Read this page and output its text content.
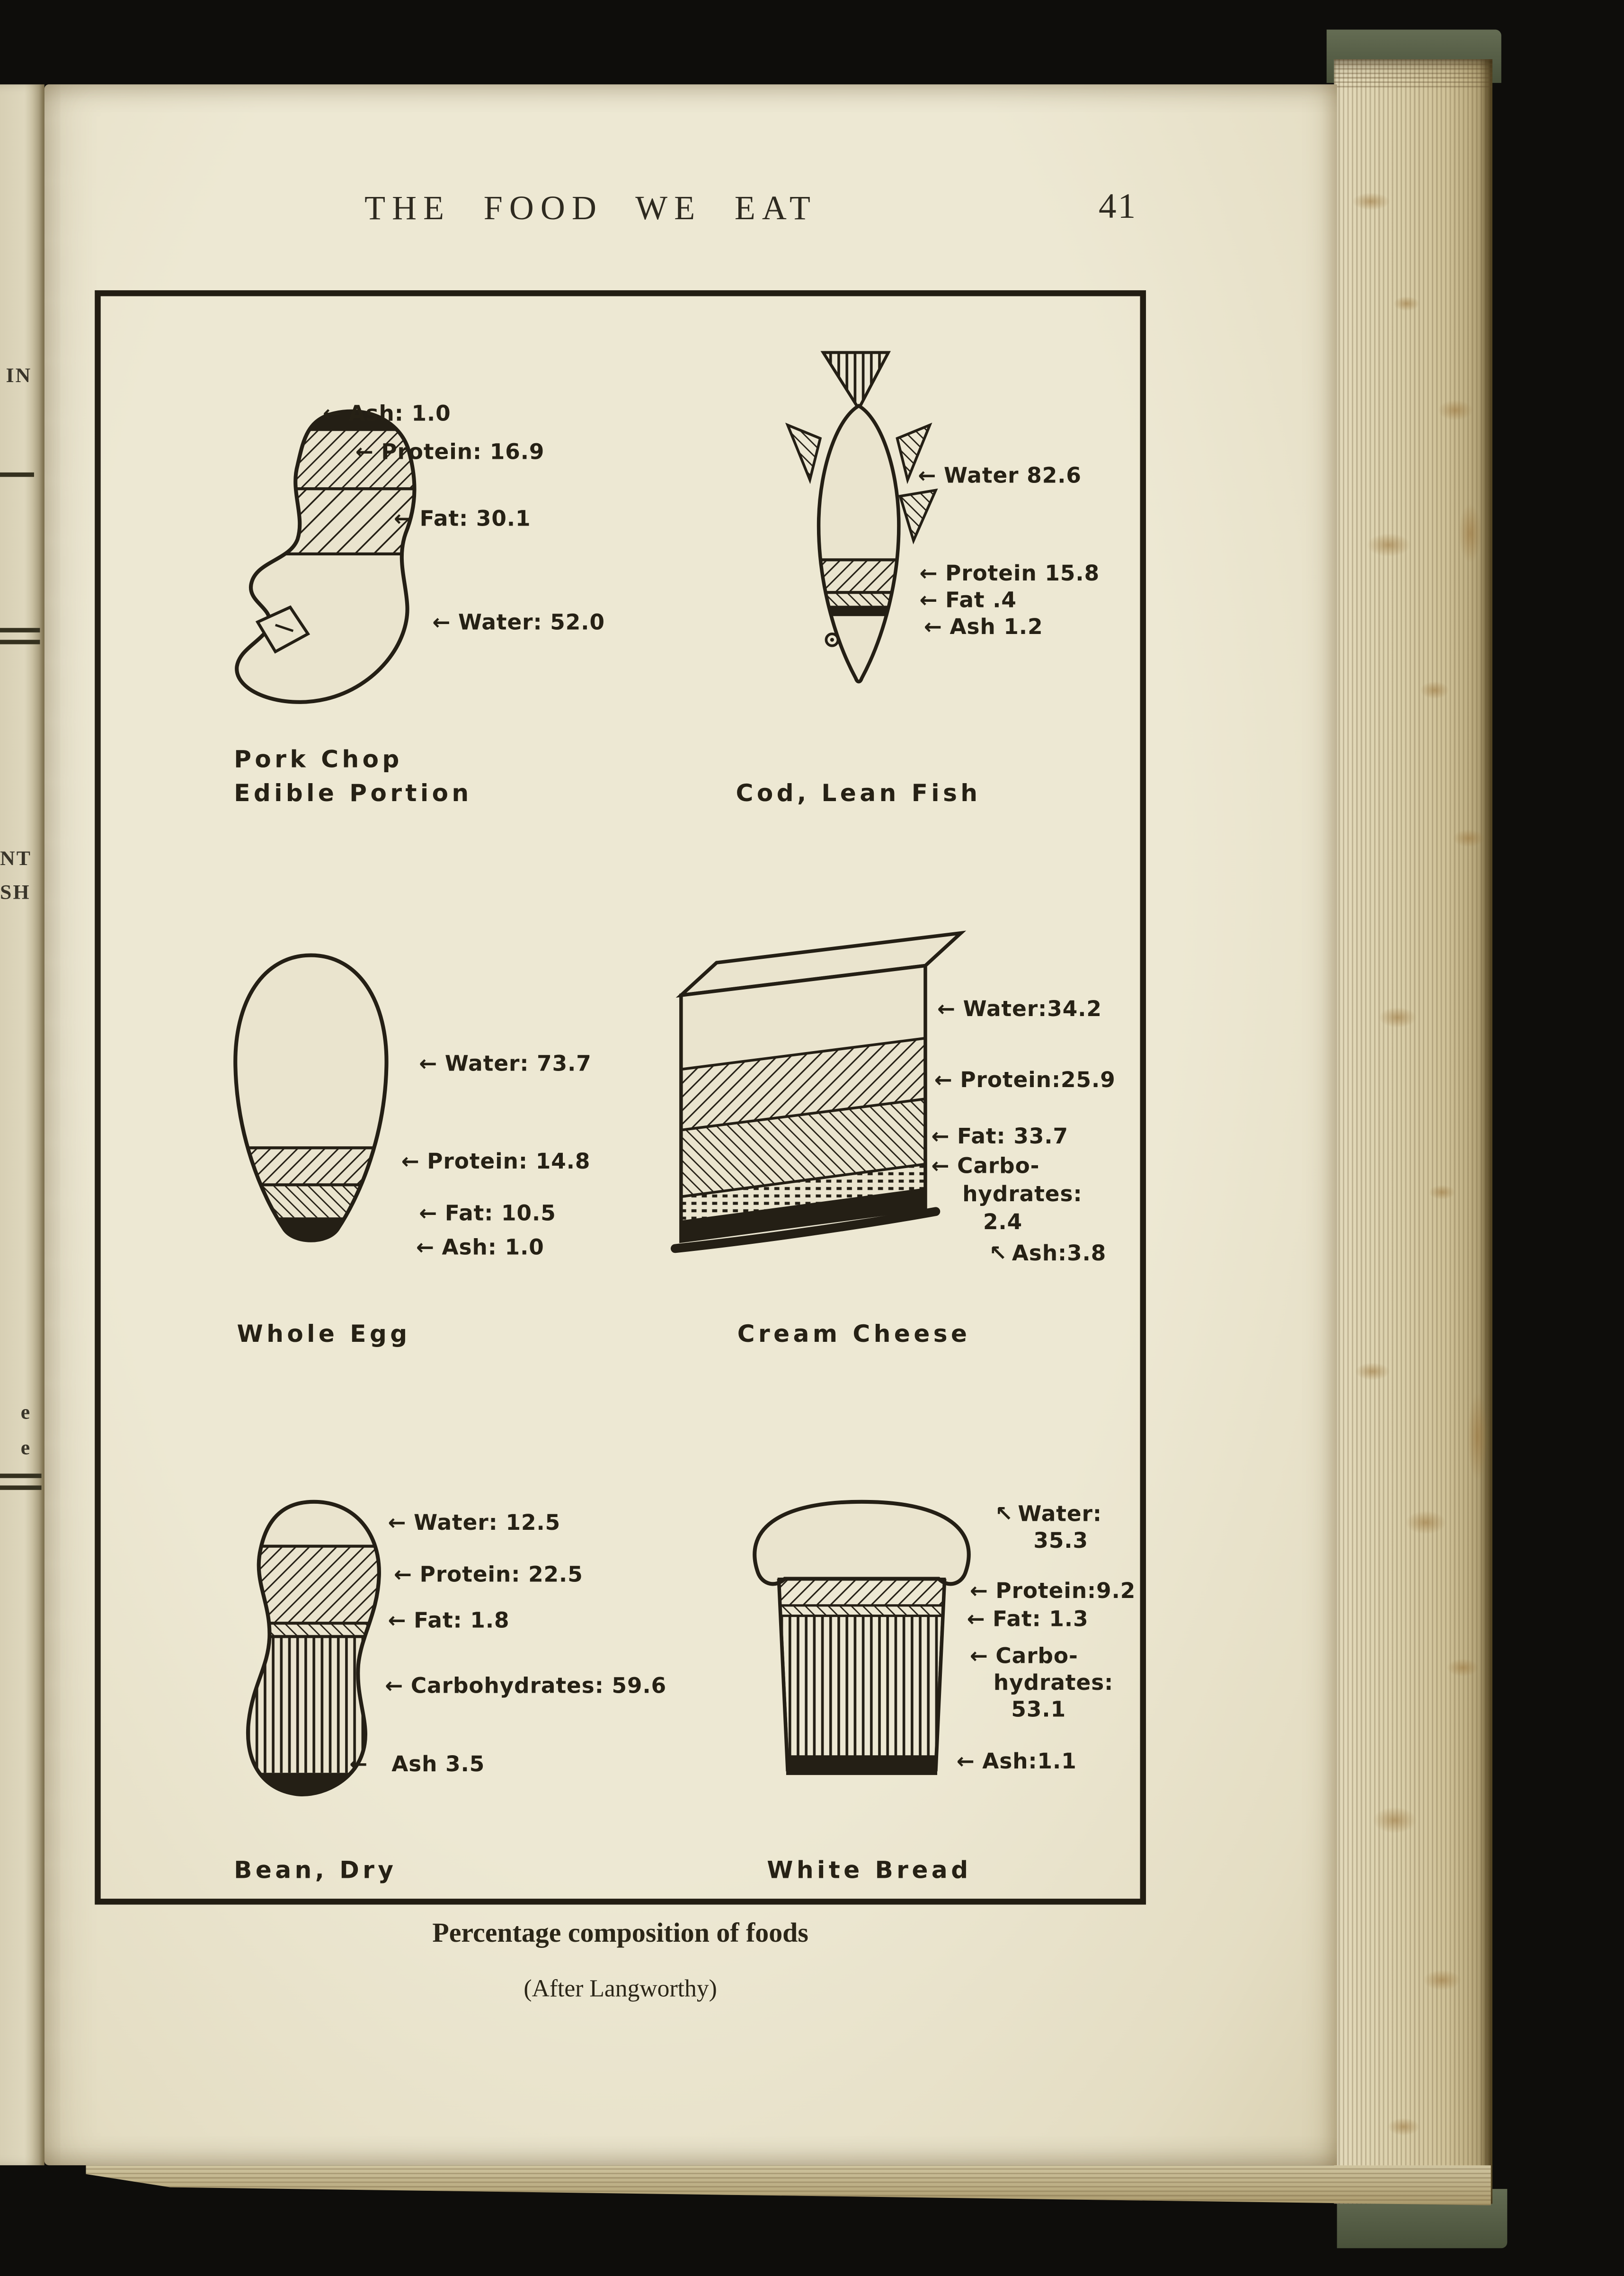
IN
NT
SH
e
e
THE FOOD WE EAT	41
← Ash: 1.0
← Protein: 16.9
← Fat: 30.1
← Water: 52.0
Pork Chop
Edible Portion
← Water 82.6
← Protein 15.8
← Fat .4
← Ash 1.2
Cod, Lean Fish
← Water: 73.7
← Protein: 14.8
← Fat: 10.5
← Ash: 1.0
Whole Egg
← Water:34.2
← Protein:25.9
← Fat: 33.7
← Carbo-
hydrates:
2.4
↖ Ash:3.8
Cream Cheese
← Water: 12.5
← Protein: 22.5
← Fat: 1.8
← Carbohydrates: 59.6
← Ash 3.5
Bean, Dry
↖ Water:
35.3
← Protein:9.2
← Fat: 1.3
← Carbo-
hydrates:
53.1
← Ash:1.1
White Bread
Percentage composition of foods
(After Langworthy)
